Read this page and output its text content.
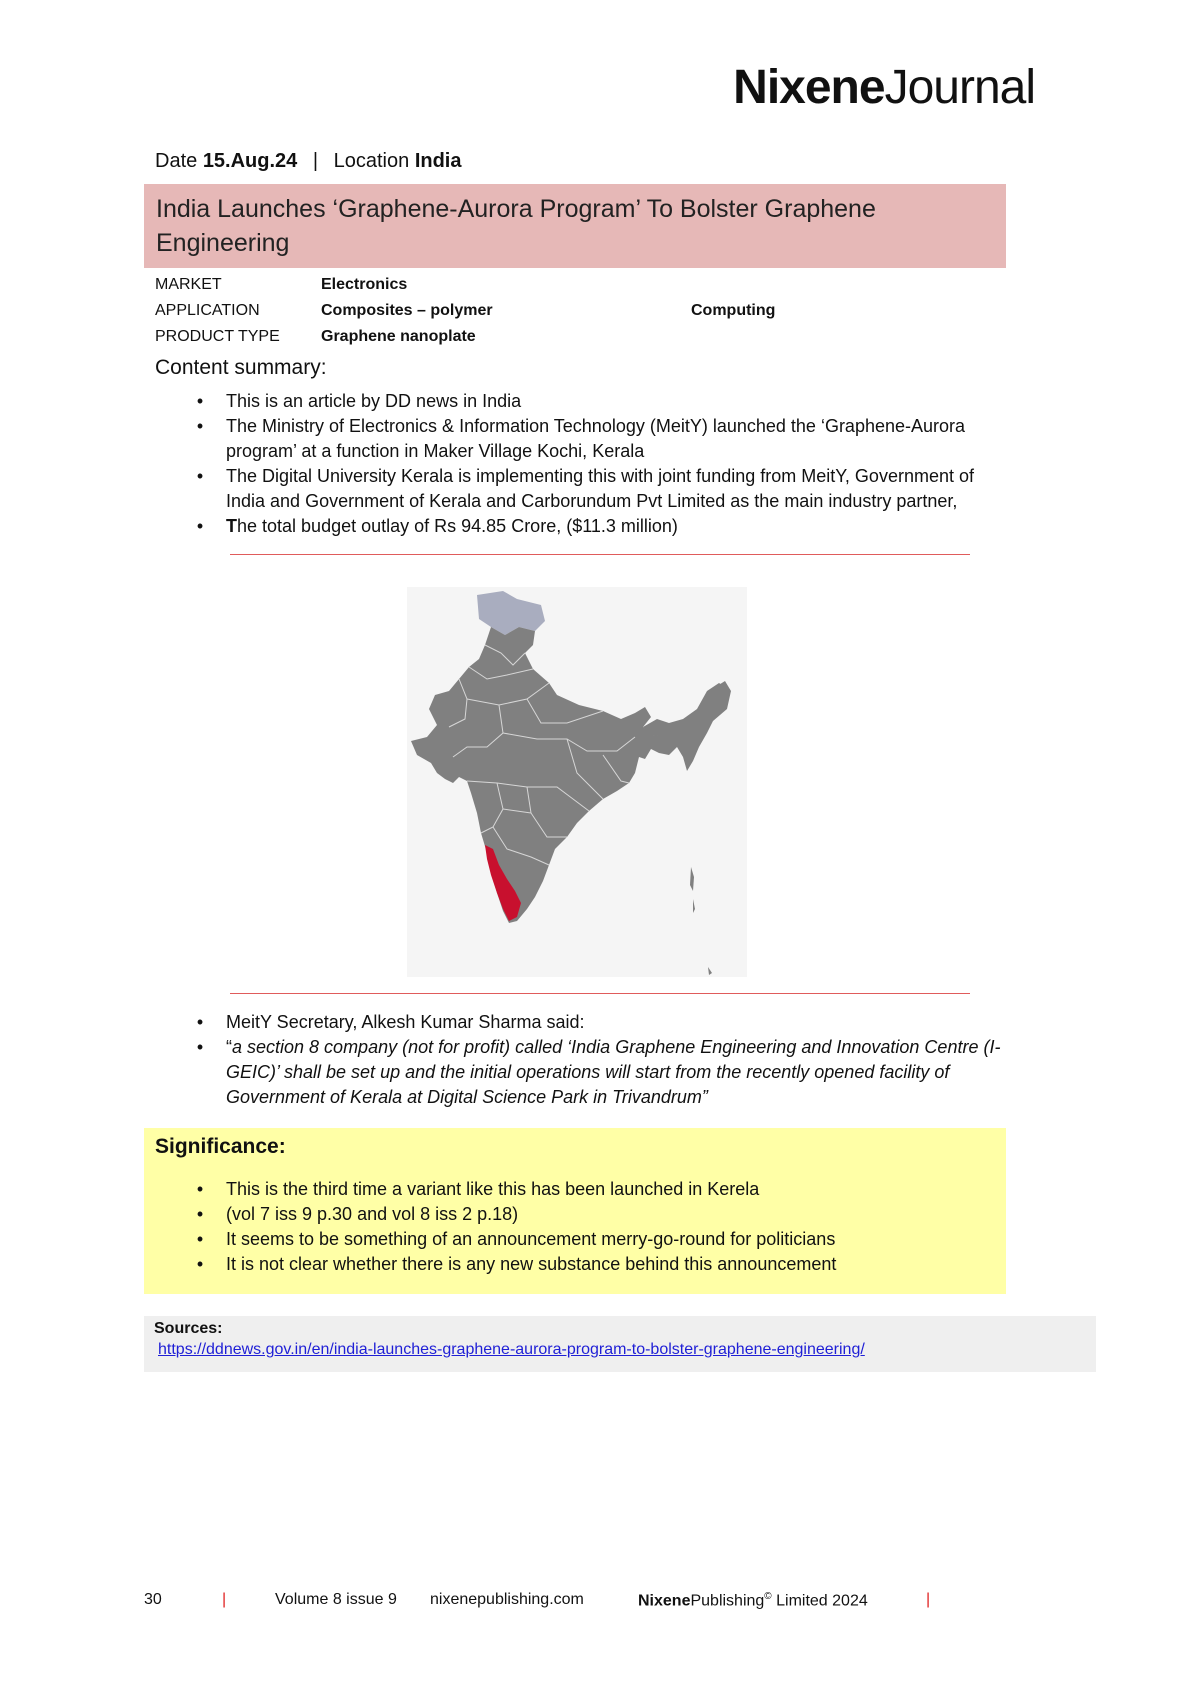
NixeneJournal
Date 15.Aug.24 | Location India
India Launches ‘Graphene-Aurora Program’ To Bolster Graphene Engineering
MARKET	Electronics
APPLICATION	Composites – polymer	Computing
PRODUCT TYPE	Graphene nanoplate
Content summary:
•	This is an article by DD news in India
•	The Ministry of Electronics & Information Technology (MeitY) launched the ‘Graphene-Aurora program’ at a function in Maker Village Kochi, Kerala
•	The Digital University Kerala is implementing this with joint funding from MeitY, Government of India and Government of Kerala and Carborundum Pvt Limited as the main industry partner,
•	The total budget outlay of Rs 94.85 Crore, ($11.3 million)
•	MeitY Secretary, Alkesh Kumar Sharma said:
•	“a section 8 company (not for profit) called ‘India Graphene Engineering and Innovation Centre (I-GEIC)’ shall be set up and the initial operations will start from the recently opened facility of Government of Kerala at Digital Science Park in Trivandrum”
Significance:
•	This is the third time a variant like this has been launched in Kerela
•	(vol 7 iss 9 p.30 and vol 8 iss 2 p.18)
•	It seems to be something of an announcement merry-go-round for politicians
•	It is not clear whether there is any new substance behind this announcement
Sources:
https://ddnews.gov.in/en/india-launches-graphene-aurora-program-to-bolster-graphene-engineering/
30	|	Volume 8 issue 9 nixenepublishing.com	NixenePublishing© Limited 2024	|
